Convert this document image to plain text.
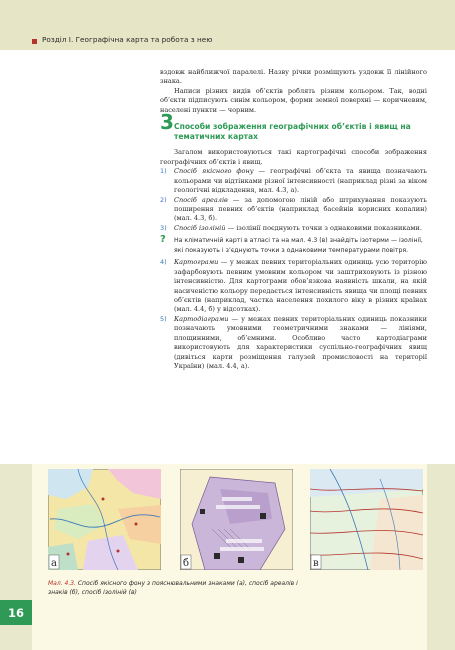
Розділ І. Географічна карта та робота з нею

вздовж найближчої паралелі. Назву річки розміщують уздовж її лінійного знака.

Написи різних видів об’єктів роблять різним кольором. Так, водні об’єкти підписують синім кольором, форми земної поверхні — коричневим, населені пункти — чорним.

3 Способи зображення географічних об’єктів і явищ на тематичних картах

Загалом використовуються такі картографічні способи зображення географічних об’єктів і явищ.

1) Спосіб якісного фону — географічні об’єкта та явища позначають кольорами чи відтінками різної інтенсивності (наприклад різні за віком геологічні відкладення, мал. 4.3, а).
2) Спосіб ареалів — за допомогою ліній або штрихування показують поширення певних об’єктів (наприклад басейнів корисних копалин) (мал. 4.3, б).
3) Спосіб ізоліній — ізолінії поєднують точки з однаковими показниками.
? На кліматичній карті в атласі та на мал. 4.3 (в) знайдіть ізотерми — ізолінії, які показують і з’єднують точки з однаковими температурами повітря.
4) Картограми — у межах певних територіальних одиниць усю територію зафарбовують певним умовним кольором чи заштриховують із різною інтенсивністю. Для картограми обов’язкова наявність шкали, на якій насиченістю кольору передається інтенсивність явища чи площі певних об’єктів (наприклад, частка населення похилого віку в різних країнах (мал. 4.4, б) у відсотках).
5) Картодіаграми — у межах певних територіальних одиниць показники позначають умовними геометричними знаками — лініями, площинними, об’ємними. Особливо часто картодіаграми використовують для характеристики суспільно-географічних явищ (дивіться карти розміщення галузей промисловості на території України) (мал. 4.4, а).
а	б	в
Мал. 4.3. Спосіб якісного фону з пояснювальними знаками (а), спосіб ареалів і знаків (б), спосіб ізоліній (в)
16
